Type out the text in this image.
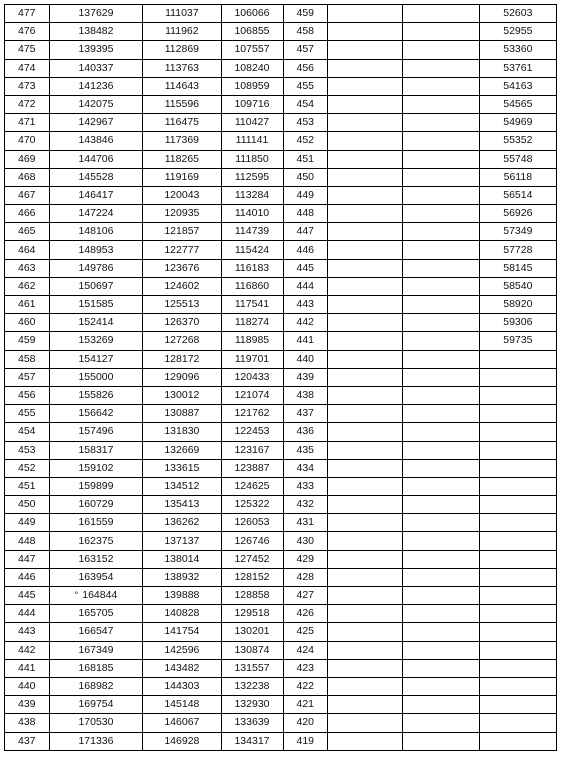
477	137629	111037	106066	459			52603
476	138482	111962	106855	458			52955
475	139395	112869	107557	457			53360
474	140337	113763	108240	456			53761
473	141236	114643	108959	455			54163
472	142075	115596	109716	454			54565
471	142967	116475	110427	453			54969
470	143846	117369	111141	452			55352
469	144706	118265	111850	451			55748
468	145528	119169	112595	450			56118
467	146417	120043	113284	449			56514
466	147224	120935	114010	448			56926
465	148106	121857	114739	447			57349
464	148953	122777	115424	446			57728
463	149786	123676	116183	445			58145
462	150697	124602	116860	444			58540
461	151585	125513	117541	443			58920
460	152414	126370	118274	442			59306
459	153269	127268	118985	441			59735
458	154127	128172	119701	440			
457	155000	129096	120433	439			
456	155826	130012	121074	438			
455	156642	130887	121762	437			
454	157496	131830	122453	436			
453	158317	132669	123167	435			
452	159102	133615	123887	434			
451	159899	134512	124625	433			
450	160729	135413	125322	432			
449	161559	136262	126053	431			
448	162375	137137	126746	430			
447	163152	138014	127452	429			
446	163954	138932	128152	428			
445	° 164844	139888	128858	427			
444	165705	140828	129518	426			
443	166547	141754	130201	425			
442	167349	142596	130874	424			
441	168185	143482	131557	423			
440	168982	144303	132238	422			
439	169754	145148	132930	421			
438	170530	146067	133639	420			
437	171336	146928	134317	419			
